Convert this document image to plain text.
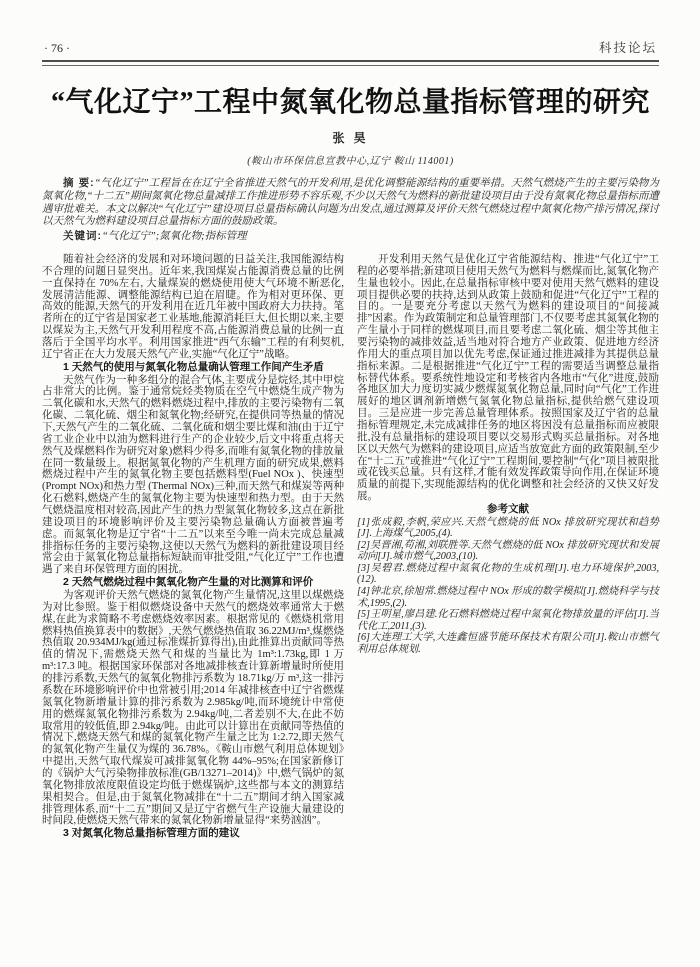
· 76 ·	科技论坛
“气化辽宁”工程中氮氧化物总量指标管理的研究
张 昊
(鞍山市环保信息宣教中心,辽宁 鞍山 114001)

摘 要:“气化辽宁”工程旨在在辽宁全省推进天然气的开发利用,是优化调整能源结构的重要举措。天然气燃烧产生的主要污染物为氮氧化物,“十二五”期间氮氧化物总量减排工作推进形势不容乐观,不少以天然气为燃料的新批建设项目由于没有氮氧化物总量指标而遭遇审批难关。本文以解决“气化辽宁”建设项目总量指标确认问题为出发点,通过测算及评价天然气燃烧过程中氮氧化物产排污情况,探讨以天然气为燃料建设项目总量指标方面的鼓励政策。

关键词:“气化辽宁”;氮氧化物;指标管理

随着社会经济的发展和对环境问题的日益关注,我国能源结构不合理的问题日显突出。近年来,我国煤炭占能源消费总量的比例一直保持在 70%左右, 大量煤炭的燃烧使用使大气环境不断恶化,发展清洁能源、调整能源结构已迫在眉睫。作为相对更环保、更高效的能源,天然气的开发利用在近几年被中国政府大力扶持。笔者所在的辽宁省是国家老工业基地,能源消耗巨大,但长期以来,主要以煤炭为主,天然气开发利用程度不高,占能源消费总量的比例一直落后于全国平均水平。利用国家推进“西气东输”工程的有利契机,辽宁省正在大力发展天然气产业,实施“气化辽宁”战略。

1 天然气的使用与氮氧化物总量确认管理工作间产生矛盾

天然气作为一种多组分的混合气体,主要成分是烷烃,其中甲烷占非常大的比例。鉴于通常烷烃类物质在空气中燃烧生成产物为二氧化碳和水,天然气的燃料燃烧过程中,排放的主要污染物有二氧化碳、二氧化硫、烟尘和氮氧化物;经研究,在提供同等热量的情况下,天然气产生的二氧化硫、二氧化硫和烟尘要比煤和油(由于辽宁省工业企业中以油为燃料进行生产的企业较少,后文中将重点将天然气及煤燃料作为研究对象)燃料少得多,而唯有氮氧化物的排放量在同一数量级上。根据氮氧化物的产生机理方面的研究成果,燃料燃烧过程中产生的氮氧化物主要包括燃料型(Fuel NOx )、快速型(Prompt NOx)和热力型 (Thermal NOx)三种,而天然气和煤炭等两种化石燃料,燃烧产生的氮氧化物主要为快速型和热力型。由于天然气燃烧温度相对较高,因此产生的热力型氮氧化物较多,这点在新批建设项目的环境影响评价及主要污染物总量确认方面被普遍考虑。而氮氧化物是辽宁省“十二五”以来至今唯一尚未完成总量减排指标任务的主要污染物,这使以天然气为燃料的新批建设项目经常会由于氮氧化物总量指标短缺而审批受阻,“气化辽宁”工作也遭遇了来自环保管理方面的困扰。

2 天然气燃烧过程中氮氧化物产生量的对比测算和评价

为客观评价天然气燃烧的氮氧化物产生量情况,这里以煤燃烧为对比参照。鉴于相似燃烧设备中天然气的燃烧效率通常大于燃煤,在此为求简略不考虑燃烧效率因素。根据常见的《燃烧机常用燃料热值换算表中的数据》,天然气燃烧热值取 36.22MJ/m³,煤燃烧热值取 20.934MJ/kg(通过标准煤折算得出),由此推算出贡献同等热值的情况下,需燃烧天然气和煤的当量比为 1m³:1.73kg,即 1 万 m³:17.3 吨。根据国家环保部对各地减排核查计算新增量时所使用的排污系数,天然气的氮氧化物排污系数为 18.71kg/万 m³,这一排污系数在环境影响评价中也常被引用;2014 年减排核查中辽宁省燃煤氮氧化物新增量计算的排污系数为 2.985kg/吨,而环境统计中常使用的燃煤氮氧化物排污系数为 2.94kg/吨,二者差别不大,在此不妨取常用的较低值,即 2.94kg/吨。由此可以计算出在贡献同等热值的情况下,燃烧天然气和煤的氮氧化物产生量之比为 1:2.72,即天然气的氮氧化物产生量仅为煤的 36.78%。《鞍山市燃气利用总体规划》中提出,天然气取代煤炭可减排氮氧化物 44%–95%;在国家新修订的《锅炉大气污染物排放标准(GB/13271–2014)》中,燃气锅炉的氮氧化物排放浓度限值设定均低于燃煤锅炉,这些都与本文的测算结果相契合。但是,由于氮氧化物减排在“十二五”期间才纳入国家减排管理体系,而“十二五”期间又是辽宁省燃气生产设施大量建设的时间段,使燃烧天然气带来的氮氧化物新增量显得“来势汹汹”。

3 对氮氧化物总量指标管理方面的建议

开发利用天然气是优化辽宁省能源结构、推进“气化辽宁”工程的必要举措;新建项目使用天然气为燃料与燃煤而比,氮氧化物产生量也较小。因此,在总量指标审核中要对使用天然气燃料的建设项目提供必要的扶持,达到从政策上鼓励和促进“气化辽宁”工程的目的。一是要充分考虑以天然气为燃料的建设项目的“间接减排”因素。作为政策制定和总量管理部门,不仅要考虑其氮氧化物的产生量小于同样的燃煤项目,而且要考虑二氧化硫、烟尘等其他主要污染物的减排效益,适当地对符合地方产业政策、促进地方经济作用大的重点项目加以优先考虑,保证通过推进减排为其提供总量指标来源。二是根据推进“气化辽宁”工程的需要适当调整总量指标替代体系。要系统性地设定和考核省内各地市“气化”进度,鼓励各地区加大力度切实减少燃煤氮氧化物总量,同时向“气化”工作进展好的地区调剂新增燃气氮氧化物总量指标,提供给燃气建设项目。三是应进一步完善总量管理体系。按照国家及辽宁省的总量指标管理规定,未完成减排任务的地区将因没有总量指标而应被限批,没有总量指标的建设项目要以交易形式购买总量指标。对各地区以天然气为燃料的建设项目,应适当放宽此方面的政策限制,至少在“十二五”或推进“气化辽宁”工程期间,要控制“气化”项目被限批或花钱买总量。只有这样,才能有效发挥政策导向作用,在保证环境质量的前提下,实现能源结构的优化调整和社会经济的又快又好发展。

参考文献

[1]张成毅,李帆,荣应兴.天然气燃烧的低 NOx 排放研究现状和趋势[J].上海煤气,2005,(4).

[2]吴晋湘,苟湘,刘联胜等.天然气燃烧的低 NOx 排放研究现状和发展动向[J].城市燃气,2003,(10).

[3]吴碧君.燃烧过程中氮氧化物的生成机理[J].电力环境保护,2003,(12).

[4]钟北京,徐旭常.燃烧过程中 NOx 形成的数学模拟[J].燃烧科学与技术,1995,(2).

[5]王明星,廖昌建.化石燃料燃烧过程中氮氧化物排放量的评估[J].当代化工,2011,(3).

[6]大连理工大学,大连鑫恒盛节能环保技术有限公司[J].鞍山市燃气利用总体规划.
